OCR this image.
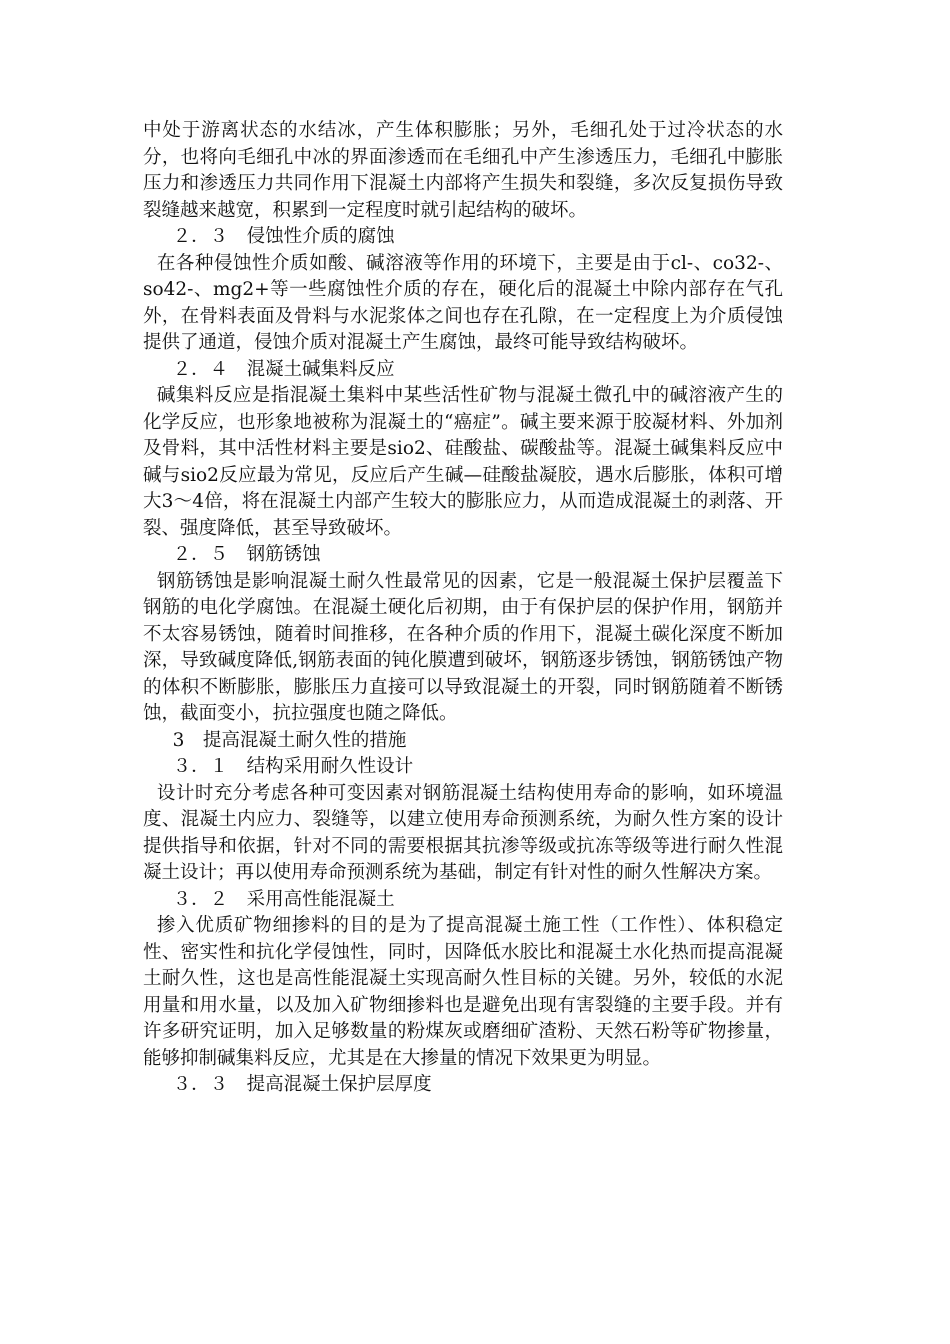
中处于游离状态的水结冰，产生体积膨胀；另外，毛细孔处于过冷状态的水分，也将向毛细孔中冰的界面渗透而在毛细孔中产生渗透压力，毛细孔中膨胀压力和渗透压力共同作用下混凝土内部将产生损失和裂缝，多次反复损伤导致裂缝越来越宽，积累到一定程度时就引起结构的破坏。

２．３　侵蚀性介质的腐蚀

在各种侵蚀性介质如酸、碱溶液等作用的环境下，主要是由于cl-、co32-、so42-、mg2+等一些腐蚀性介质的存在，硬化后的混凝土中除内部存在气孔外，在骨料表面及骨料与水泥浆体之间也存在孔隙，在一定程度上为介质侵蚀提供了通道，侵蚀介质对混凝土产生腐蚀，最终可能导致结构破坏。

２．４　混凝土碱集料反应

碱集料反应是指混凝土集料中某些活性矿物与混凝土微孔中的碱溶液产生的化学反应，也形象地被称为混凝土的“癌症”。碱主要来源于胶凝材料、外加剂及骨料，其中活性材料主要是sio2、硅酸盐、碳酸盐等。混凝土碱集料反应中碱与sio2反应最为常见，反应后产生碱—硅酸盐凝胶，遇水后膨胀，体积可增大3～4倍，将在混凝土内部产生较大的膨胀应力，从而造成混凝土的剥落、开裂、强度降低，甚至导致破坏。

２．５　钢筋锈蚀

钢筋锈蚀是影响混凝土耐久性最常见的因素，它是一般混凝土保护层覆盖下钢筋的电化学腐蚀。在混凝土硬化后初期，由于有保护层的保护作用，钢筋并不太容易锈蚀，随着时间推移，在各种介质的作用下，混凝土碳化深度不断加深，导致碱度降低,钢筋表面的钝化膜遭到破坏，钢筋逐步锈蚀，钢筋锈蚀产物的体积不断膨胀，膨胀压力直接可以导致混凝土的开裂，同时钢筋随着不断锈蚀，截面变小，抗拉强度也随之降低。

3　提高混凝土耐久性的措施

３．１　结构采用耐久性设计

设计时充分考虑各种可变因素对钢筋混凝土结构使用寿命的影响，如环境温度、混凝土内应力、裂缝等，以建立使用寿命预测系统，为耐久性方案的设计提供指导和依据，针对不同的需要根据其抗渗等级或抗冻等级等进行耐久性混凝土设计；再以使用寿命预测系统为基础，制定有针对性的耐久性解决方案。

３．２　采用高性能混凝土

掺入优质矿物细掺料的目的是为了提高混凝土施工性（工作性）、体积稳定性、密实性和抗化学侵蚀性，同时，因降低水胶比和混凝土水化热而提高混凝土耐久性，这也是高性能混凝土实现高耐久性目标的关键。另外，较低的水泥用量和用水量，以及加入矿物细掺料也是避免出现有害裂缝的主要手段。并有许多研究证明，加入足够数量的粉煤灰或磨细矿渣粉、天然石粉等矿物掺量，能够抑制碱集料反应，尤其是在大掺量的情况下效果更为明显。

３．３　提高混凝土保护层厚度
